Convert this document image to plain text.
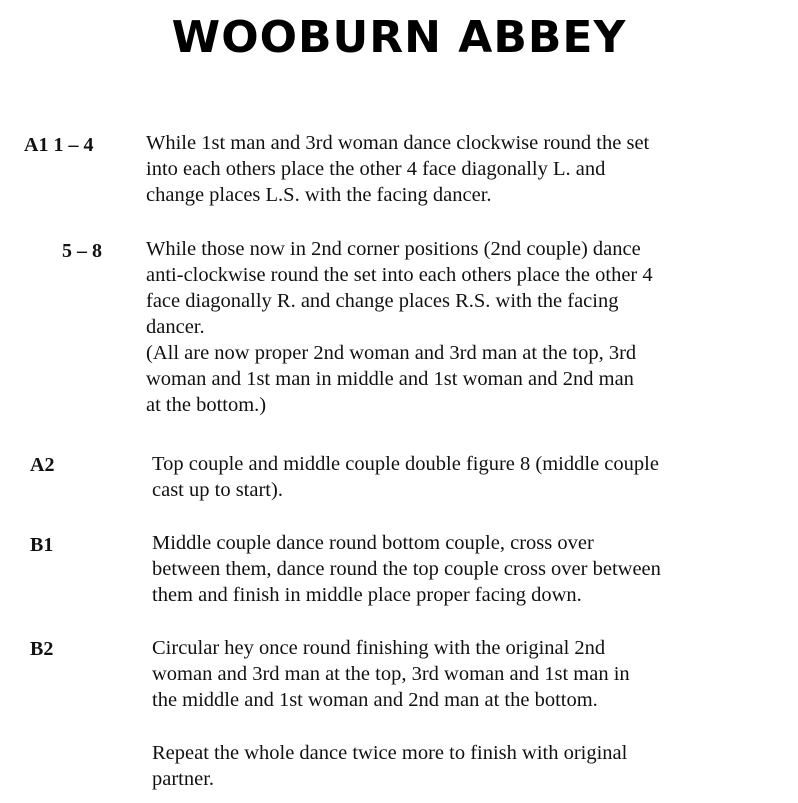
WOOBURN ABBEY
A1 1 – 4	While 1st man and 3rd woman dance clockwise round the set
into each others place the other 4 face diagonally L. and
change places L.S. with the facing dancer.
5 – 8 While those now in 2nd corner positions (2nd couple) dance
anti-clockwise round the set into each others place the other 4
face diagonally R. and change places R.S. with the facing
dancer.
(All are now proper 2nd woman and 3rd man at the top, 3rd
woman and 1st man in middle and 1st woman and 2nd man
at the bottom.)
A2	Top couple and middle couple double figure 8 (middle couple
cast up to start).
B1	Middle couple dance round bottom couple, cross over
between them, dance round the top couple cross over between
them and finish in middle place proper facing down.
B2	Circular hey once round finishing with the original 2nd
woman and 3rd man at the top, 3rd woman and 1st man in
the middle and 1st woman and 2nd man at the bottom.
Repeat the whole dance twice more to finish with original
partner.
